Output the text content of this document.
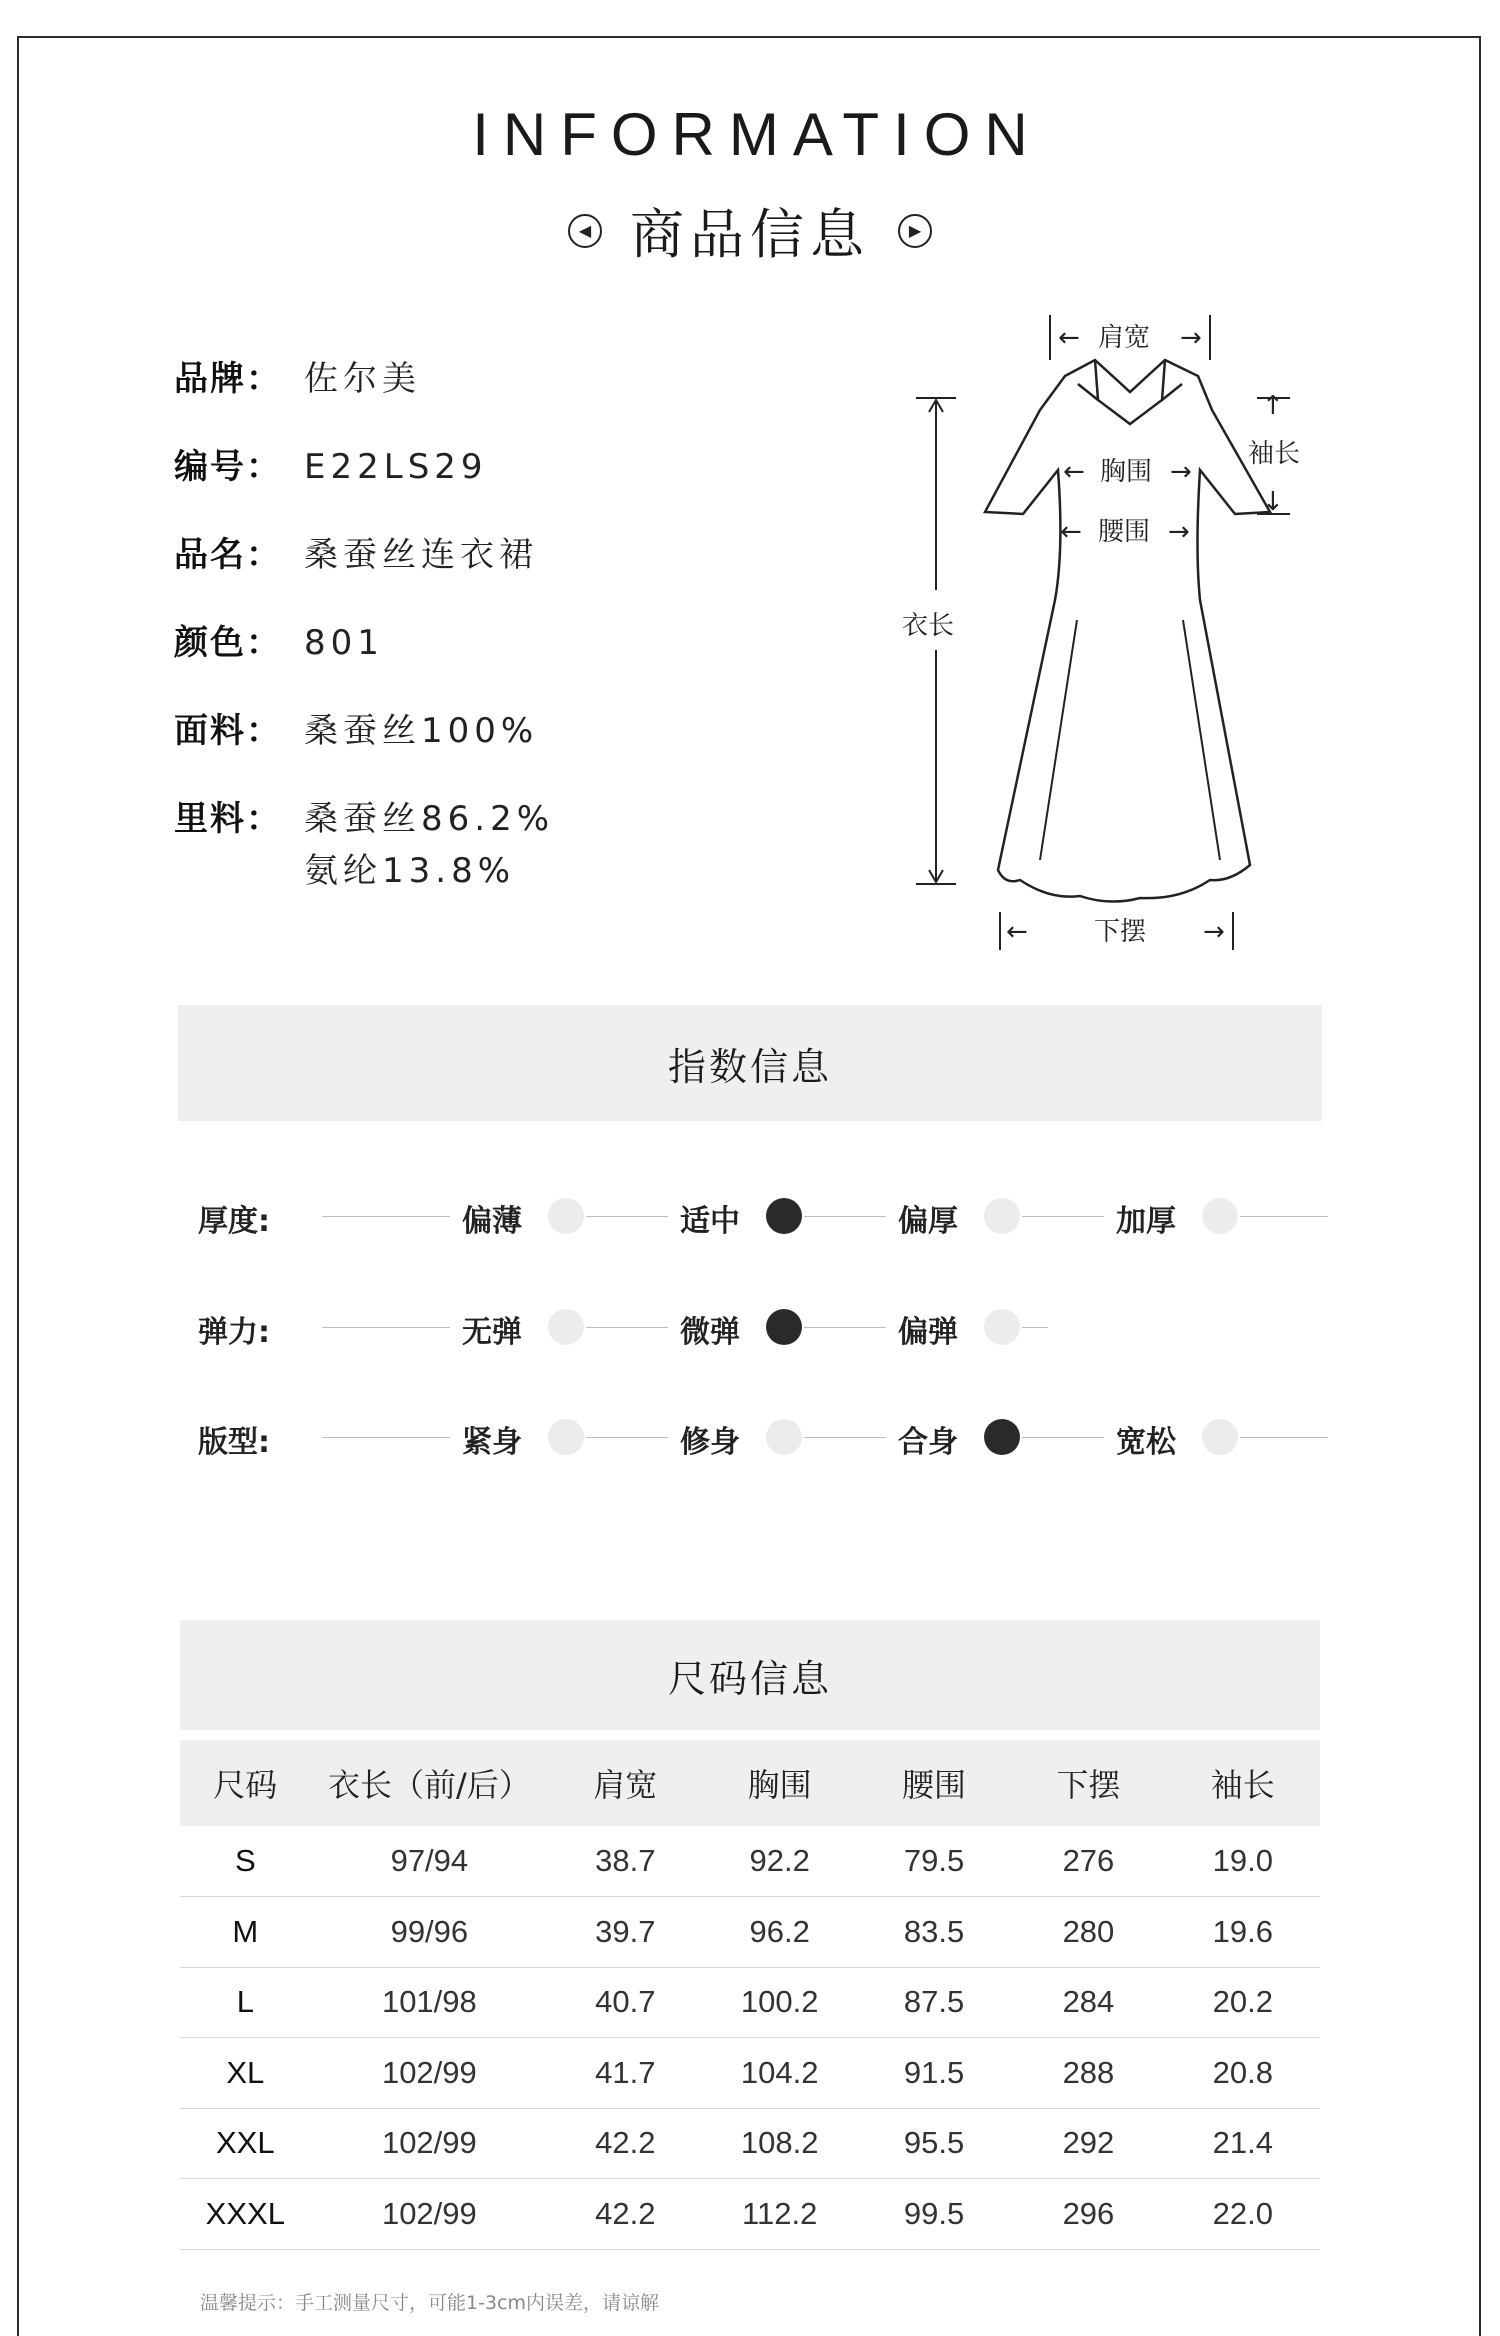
INFORMATION
◀ 商品信息	▶
品牌： 佐尔美
编号： E22LS29
品名： 桑蚕丝连衣裙
颜色： 801
面料： 桑蚕丝100%
里料： 桑蚕丝86.2%
氨纶13.8%
←	→
肩宽
← 胸围 →
← 腰围 →
↑
袖长
↓
衣长
←	→
下摆
指数信息
厚度:	偏薄	适中	偏厚	加厚
弹力:	无弹	微弹	偏弹
版型:	紧身	修身	合身	宽松
尺码信息
尺码	衣长（前/后）	肩宽	胸围	腰围	下摆	袖长
S	97/94	38.7	92.2	79.5	276	19.0
M	99/96	39.7	96.2	83.5	280	19.6
L	101/98	40.7	100.2	87.5	284	20.2
XL	102/99	41.7	104.2	91.5	288	20.8
XXL	102/99	42.2	108.2	95.5	292	21.4
XXXL	102/99	42.2	112.2	99.5	296	22.0
温馨提示：手工测量尺寸，可能1-3cm内误差，请谅解
